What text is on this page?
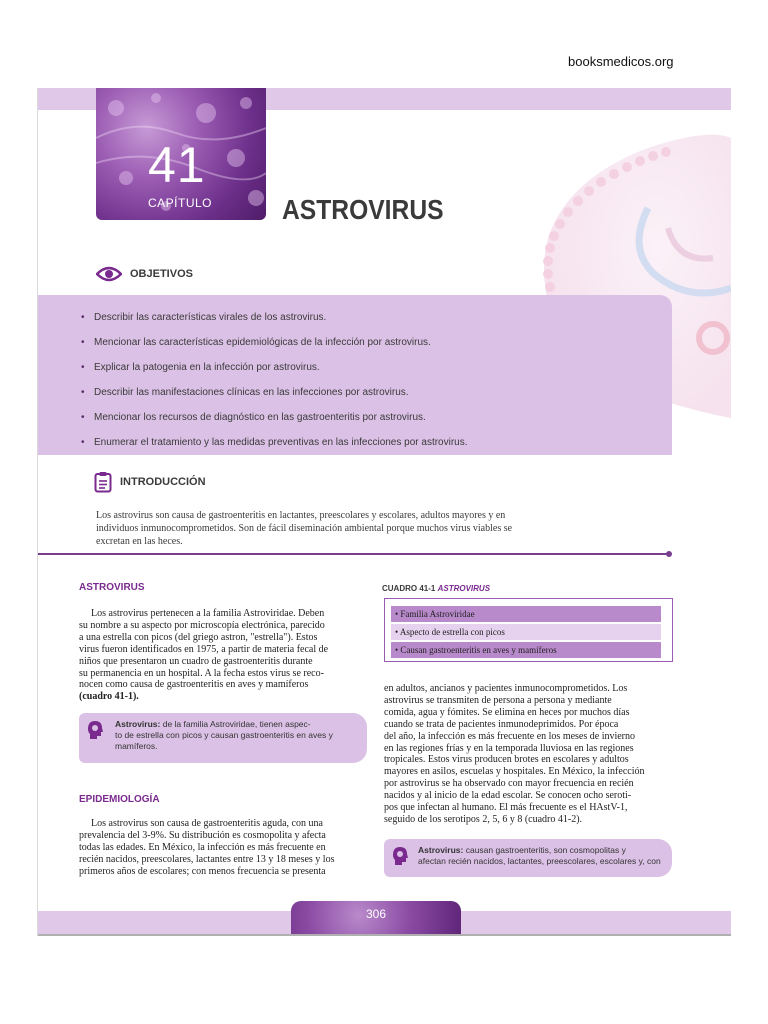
booksmedicos.org
41
CAPÍTULO ASTROVIRUS
OBJETIVOS
• Describir las características virales de los astrovirus.
• Mencionar las características epidemiológicas de la infección por astrovirus.
• Explicar la patogenia en la infección por astrovirus.
• Describir las manifestaciones clínicas en las infecciones por astrovirus.
• Mencionar los recursos de diagnóstico en las gastroenteritis por astrovirus.
• Enumerar el tratamiento y las medidas preventivas en las infecciones por astrovirus.
INTRODUCCIÓN
Los astrovirus son causa de gastroenteritis en lactantes, preescolares y escolares, adultos mayores y en
individuos inmunocomprometidos. Son de fácil diseminación ambiental porque muchos virus viables se
excretan en las heces.
ASTROVIRUS
Los astrovirus pertenecen a la familia Astroviridae. Deben
su nombre a su aspecto por microscopía electrónica, parecido
a una estrella con picos (del griego astron, "estrella"). Estos
virus fueron identificados en 1975, a partir de materia fecal de
niños que presentaron un cuadro de gastroenteritis durante
su permanencia en un hospital. A la fecha estos virus se reco-
nocen como causa de gastroenteritis en aves y mamíferos
(cuadro 41-1).
Astrovirus: de la familia Astroviridae, tienen aspec-
to de estrella con picos y causan gastroenteritis en aves y
mamíferos.
EPIDEMIOLOGÍA
Los astrovirus son causa de gastroenteritis aguda, con una
prevalencia del 3-9%. Su distribución es cosmopolita y afecta
todas las edades. En México, la infección es más frecuente en
recién nacidos, preescolares, lactantes entre 13 y 18 meses y los
primeros años de escolares; con menos frecuencia se presenta
CUADRO 41-1 ASTROVIRUS
• Familia Astroviridae
• Aspecto de estrella con picos
• Causan gastroenteritis en aves y mamíferos
en adultos, ancianos y pacientes inmunocomprometidos. Los
astrovirus se transmiten de persona a persona y mediante
comida, agua y fómites. Se elimina en heces por muchos días
cuando se trata de pacientes inmunodeprimidos. Por época
del año, la infección es más frecuente en los meses de invierno
en las regiones frías y en la temporada lluviosa en las regiones
tropicales. Estos virus producen brotes en escolares y adultos
mayores en asilos, escuelas y hospitales. En México, la infección
por astrovirus se ha observado con mayor frecuencia en recién
nacidos y al inicio de la edad escolar. Se conocen ocho seroti-
pos que infectan al humano. El más frecuente es el HAstV-1,
seguido de los serotipos 2, 5, 6 y 8 (cuadro 41-2).
Astrovirus: causan gastroenteritis, son cosmopolitas y
afectan recién nacidos, lactantes, preescolares, escolares y, con
306
